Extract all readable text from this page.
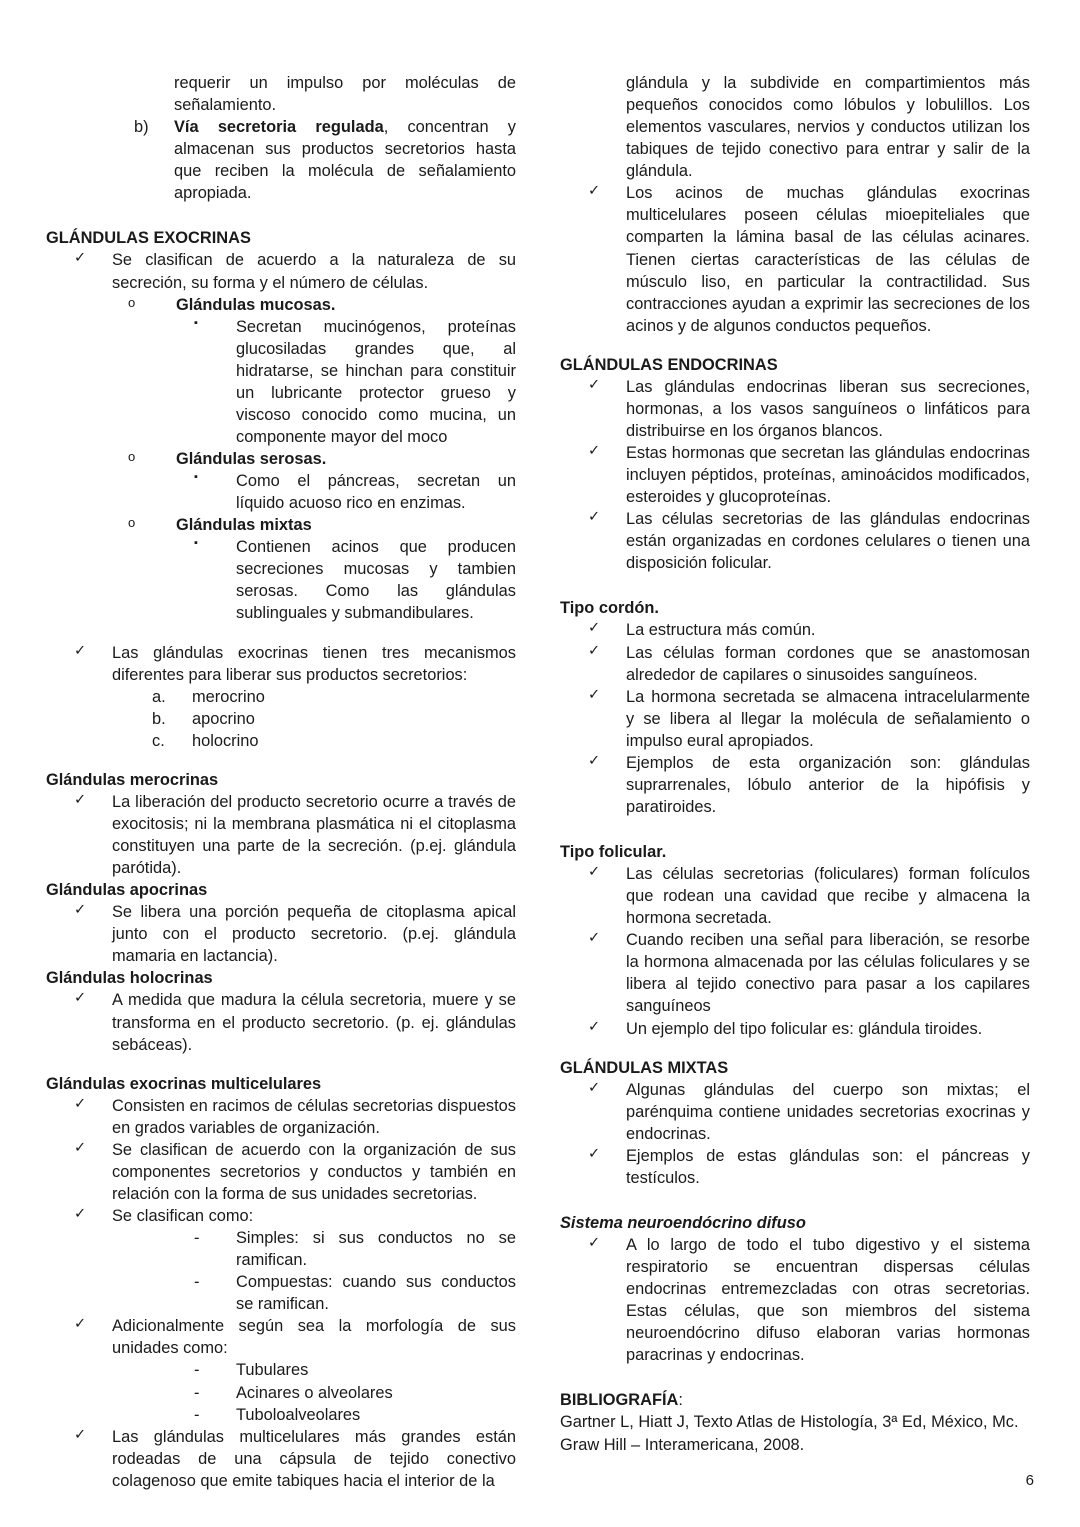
requerir un impulso por moléculas de señalamiento.

b)	Vía secretoria regulada, concentran y almacenan sus productos secretorios hasta que reciben la molécula de señalamiento apropiada.

GLÁNDULAS EXOCRINAS
✓	Se clasifican de acuerdo a la naturaleza de su secreción, su forma y el número de células.

o	Glándulas mucosas.

▪	Secretan mucinógenos, proteínas glucosiladas grandes que, al hidratarse, se hinchan para constituir un lubricante protector grueso y viscoso conocido como mucina, un componente mayor del moco

o	Glándulas serosas.

▪	Como el páncreas, secretan un líquido acuoso rico en enzimas.

o	Glándulas mixtas

▪	Contienen acinos que producen secreciones mucosas y tambien serosas. Como las glándulas sublinguales y submandibulares.

✓	Las glándulas exocrinas tienen tres mecanismos diferentes para liberar sus productos secretorios:

a.	merocrino

b.	apocrino

c.	holocrino

Glándulas merocrinas
✓	La liberación del producto secretorio ocurre a través de exocitosis; ni la membrana plasmática ni el citoplasma constituyen una parte de la secreción. (p.ej. glándula parótida).

Glándulas apocrinas
✓	Se libera una porción pequeña de citoplasma apical junto con el producto secretorio. (p.ej. glándula mamaria en lactancia).

Glándulas holocrinas
✓	A medida que madura la célula secretoria, muere y se transforma en el producto secretorio. (p. ej. glándulas sebáceas).

Glándulas exocrinas multicelulares
✓	Consisten en racimos de células secretorias dispuestos en grados variables de organización.

✓	Se clasifican de acuerdo con la organización de sus componentes secretorios y conductos y también en relación con la forma de sus unidades secretorias.

✓	Se clasifican como:

-	Simples: si sus conductos no se ramifican.

-	Compuestas: cuando sus conductos se ramifican.

✓	Adicionalmente según sea la morfología de sus unidades como:

-	Tubulares

-	Acinares o alveolares

-	Tuboloalveolares

✓	Las glándulas multicelulares más grandes están rodeadas de una cápsula de tejido conectivo colagenoso que emite tabiques hacia el interior de la

glándula y la subdivide en compartimientos más pequeños conocidos como lóbulos y lobulillos. Los elementos vasculares, nervios y conductos utilizan los tabiques de tejido conectivo para entrar y salir de la glándula.

✓	Los acinos de muchas glándulas exocrinas multicelulares poseen células mioepiteliales que comparten la lámina basal de las células acinares. Tienen ciertas características de las células de músculo liso, en particular la contractilidad. Sus contracciones ayudan a exprimir las secreciones de los acinos y de algunos conductos pequeños.

GLÁNDULAS ENDOCRINAS
✓	Las glándulas endocrinas liberan sus secreciones, hormonas, a los vasos sanguíneos o linfáticos para distribuirse en los órganos blancos.

✓	Estas hormonas que secretan las glándulas endocrinas incluyen péptidos, proteínas, aminoácidos modificados, esteroides y glucoproteínas.

✓	Las células secretorias de las glándulas endocrinas están organizadas en cordones celulares o tienen una disposición folicular.

Tipo cordón.
✓	La estructura más común.

✓	Las células forman cordones que se anastomosan alrededor de capilares o sinusoides sanguíneos.

✓	La hormona secretada se almacena intracelularmente y se libera al llegar la molécula de señalamiento o impulso eural apropiados.

✓	Ejemplos de esta organización son: glándulas suprarrenales, lóbulo anterior de la hipófisis y paratiroides.

Tipo folicular.
✓	Las células secretorias (foliculares) forman folículos que rodean una cavidad que recibe y almacena la hormona secretada.

✓	Cuando reciben una señal para liberación, se resorbe la hormona almacenada por las células foliculares y se libera al tejido conectivo para pasar a los capilares sanguíneos

✓	Un ejemplo del tipo folicular es: glándula tiroides.

GLÁNDULAS MIXTAS
✓	Algunas glándulas del cuerpo son mixtas; el parénquima contiene unidades secretorias exocrinas y endocrinas.

✓	Ejemplos de estas glándulas son: el páncreas y testículos.

Sistema neuroendócrino difuso
✓	A lo largo de todo el tubo digestivo y el sistema respiratorio se encuentran dispersas células endocrinas entremezcladas con otras secretorias. Estas células, que son miembros del sistema neuroendócrino difuso elaboran varias hormonas paracrinas y endocrinas.

BIBLIOGRAFÍA:

Gartner L, Hiatt J, Texto Atlas de Histología, 3ª Ed, México, Mc. Graw Hill – Interamericana, 2008.

6
